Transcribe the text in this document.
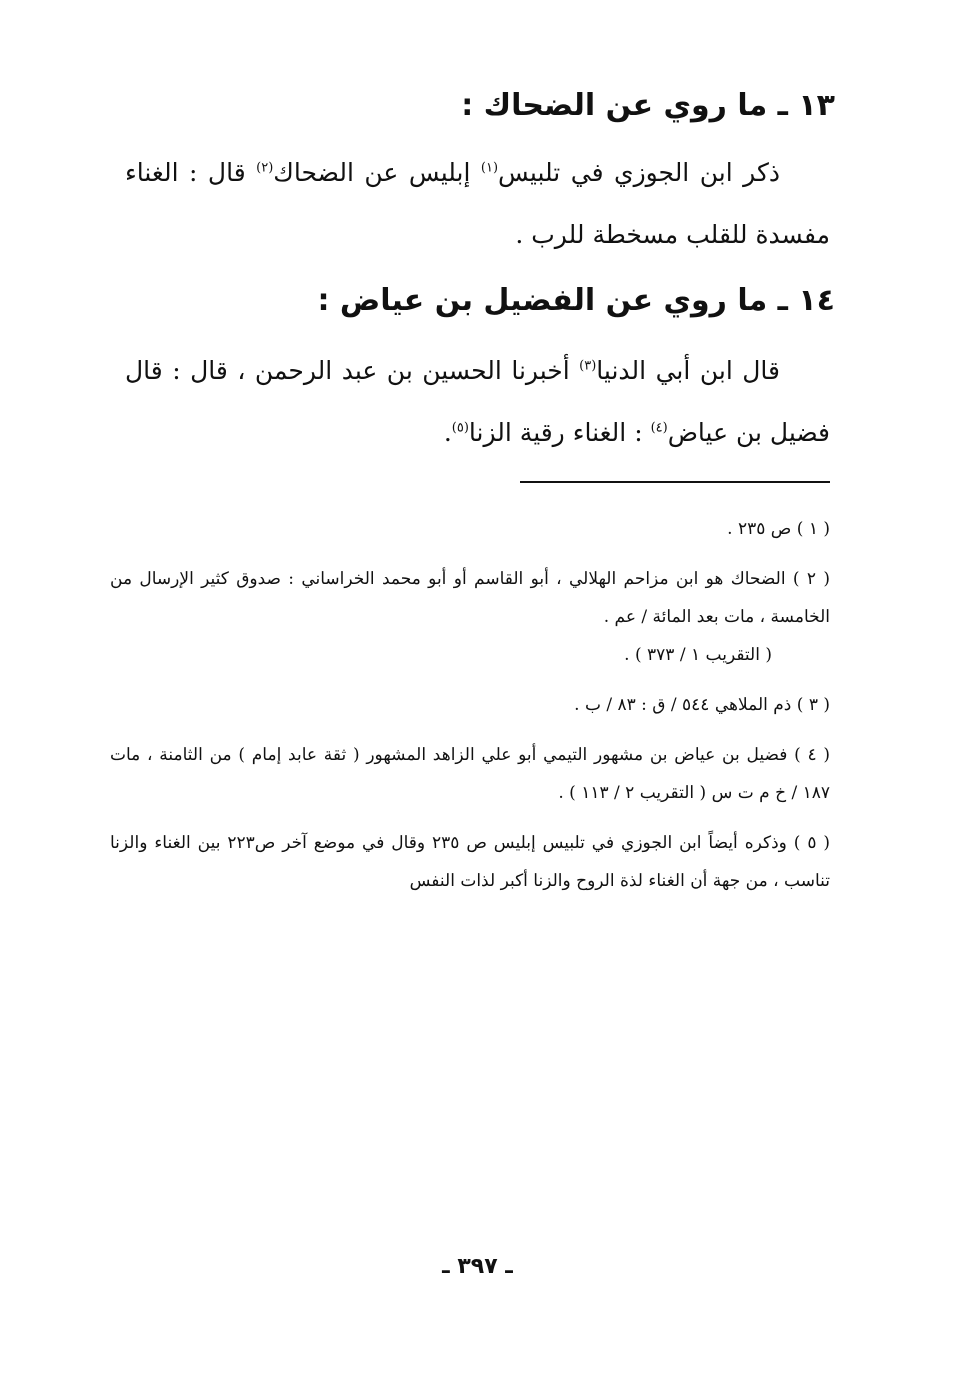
١٣ ـ ما روي عن الضحاك :

ذكر ابن الجوزي في تلبيس$^{(١)}$ إبليس عن الضحاك$^{(٢)}$ قال : الغناء مفسدة للقلب مسخطة للرب .

١٤ ـ ما روي عن الفضيل بن عياض :

قال ابن أبي الدنيا$^{(٣)}$ أخبرنا الحسين بن عبد الرحمن ، قال : قال فضيل بن عياض$^{(٤)}$ : الغناء رقية الزنا$^{(٥)}$.

( ١ ) ص ٢٣٥ .
( ٢ ) الضحاك هو ابن مزاحم الهلالي ، أبو القاسم أو أبو محمد الخراساني : صدوق كثير الإرسال من الخامسة ، مات بعد المائة / عم .
( التقريب ١ / ٣٧٣ ) .
( ٣ ) ذم الملاهي ٥٤٤ / ق : ٨٣ / ب .
( ٤ ) فضيل بن عياض بن مشهور التيمي أبو علي الزاهد المشهور ( ثقة عابد إمام ) من الثامنة ، مات ١٨٧ / خ م ت س ( التقريب ٢ / ١١٣ ) .
( ٥ ) وذكره أيضاً ابن الجوزي في تلبيس إبليس ص ٢٣٥ وقال في موضع آخر ص٢٢٣ بين الغناء والزنا تناسب ، من جهة أن الغناء لذة الروح والزنا أكبر لذات النفس
ـ ٣٩٧ ـ
